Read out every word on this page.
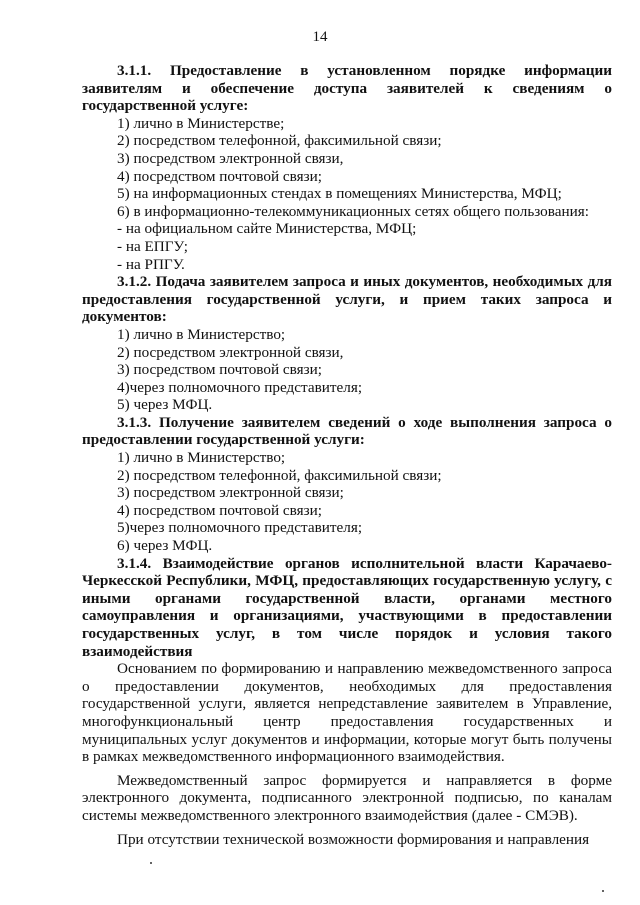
14

3.1.1. Предоставление в установленном порядке информации заявителям и обеспечение доступа заявителей к сведениям о государственной услуге:

1) лично в Министерстве;

2) посредством телефонной, факсимильной связи;

3) посредством электронной связи,

4) посредством почтовой связи;

5) на информационных стендах в помещениях Министерства, МФЦ;

6) в информационно-телекоммуникационных сетях общего пользования:

- на официальном сайте Министерства, МФЦ;

- на ЕПГУ;

- на РПГУ.

3.1.2. Подача заявителем запроса и иных документов, необходимых для предоставления государственной услуги, и прием таких запроса и документов:

1) лично в Министерство;

2) посредством электронной связи,

3) посредством почтовой связи;

4)через полномочного представителя;

5) через МФЦ.

3.1.3. Получение заявителем сведений о ходе выполнения запроса о предоставлении государственной услуги:

1) лично в Министерство;

2) посредством телефонной, факсимильной связи;

3) посредством электронной связи;

4) посредством почтовой связи;

5)через полномочного представителя;

6) через МФЦ.

3.1.4. Взаимодействие органов исполнительной власти Карачаево-Черкесской Республики, МФЦ, предоставляющих государственную услугу, с иными органами государственной власти, органами местного самоуправления и организациями, участвующими в предоставлении государственных услуг, в том числе порядок и условия такого взаимодействия

Основанием по формированию и направлению межведомственного запроса о предоставлении документов, необходимых для предоставления государственной услуги, является непредставление заявителем в Управление, многофункциональный центр предоставления государственных и муниципальных услуг документов и информации, которые могут быть получены в рамках межведомственного информационного взаимодействия.

Межведомственный запрос формируется и направляется в форме электронного документа, подписанного электронной подписью, по каналам системы межведомственного электронного взаимодействия (далее - СМЭВ).

При отсутствии технической возможности формирования и направления
